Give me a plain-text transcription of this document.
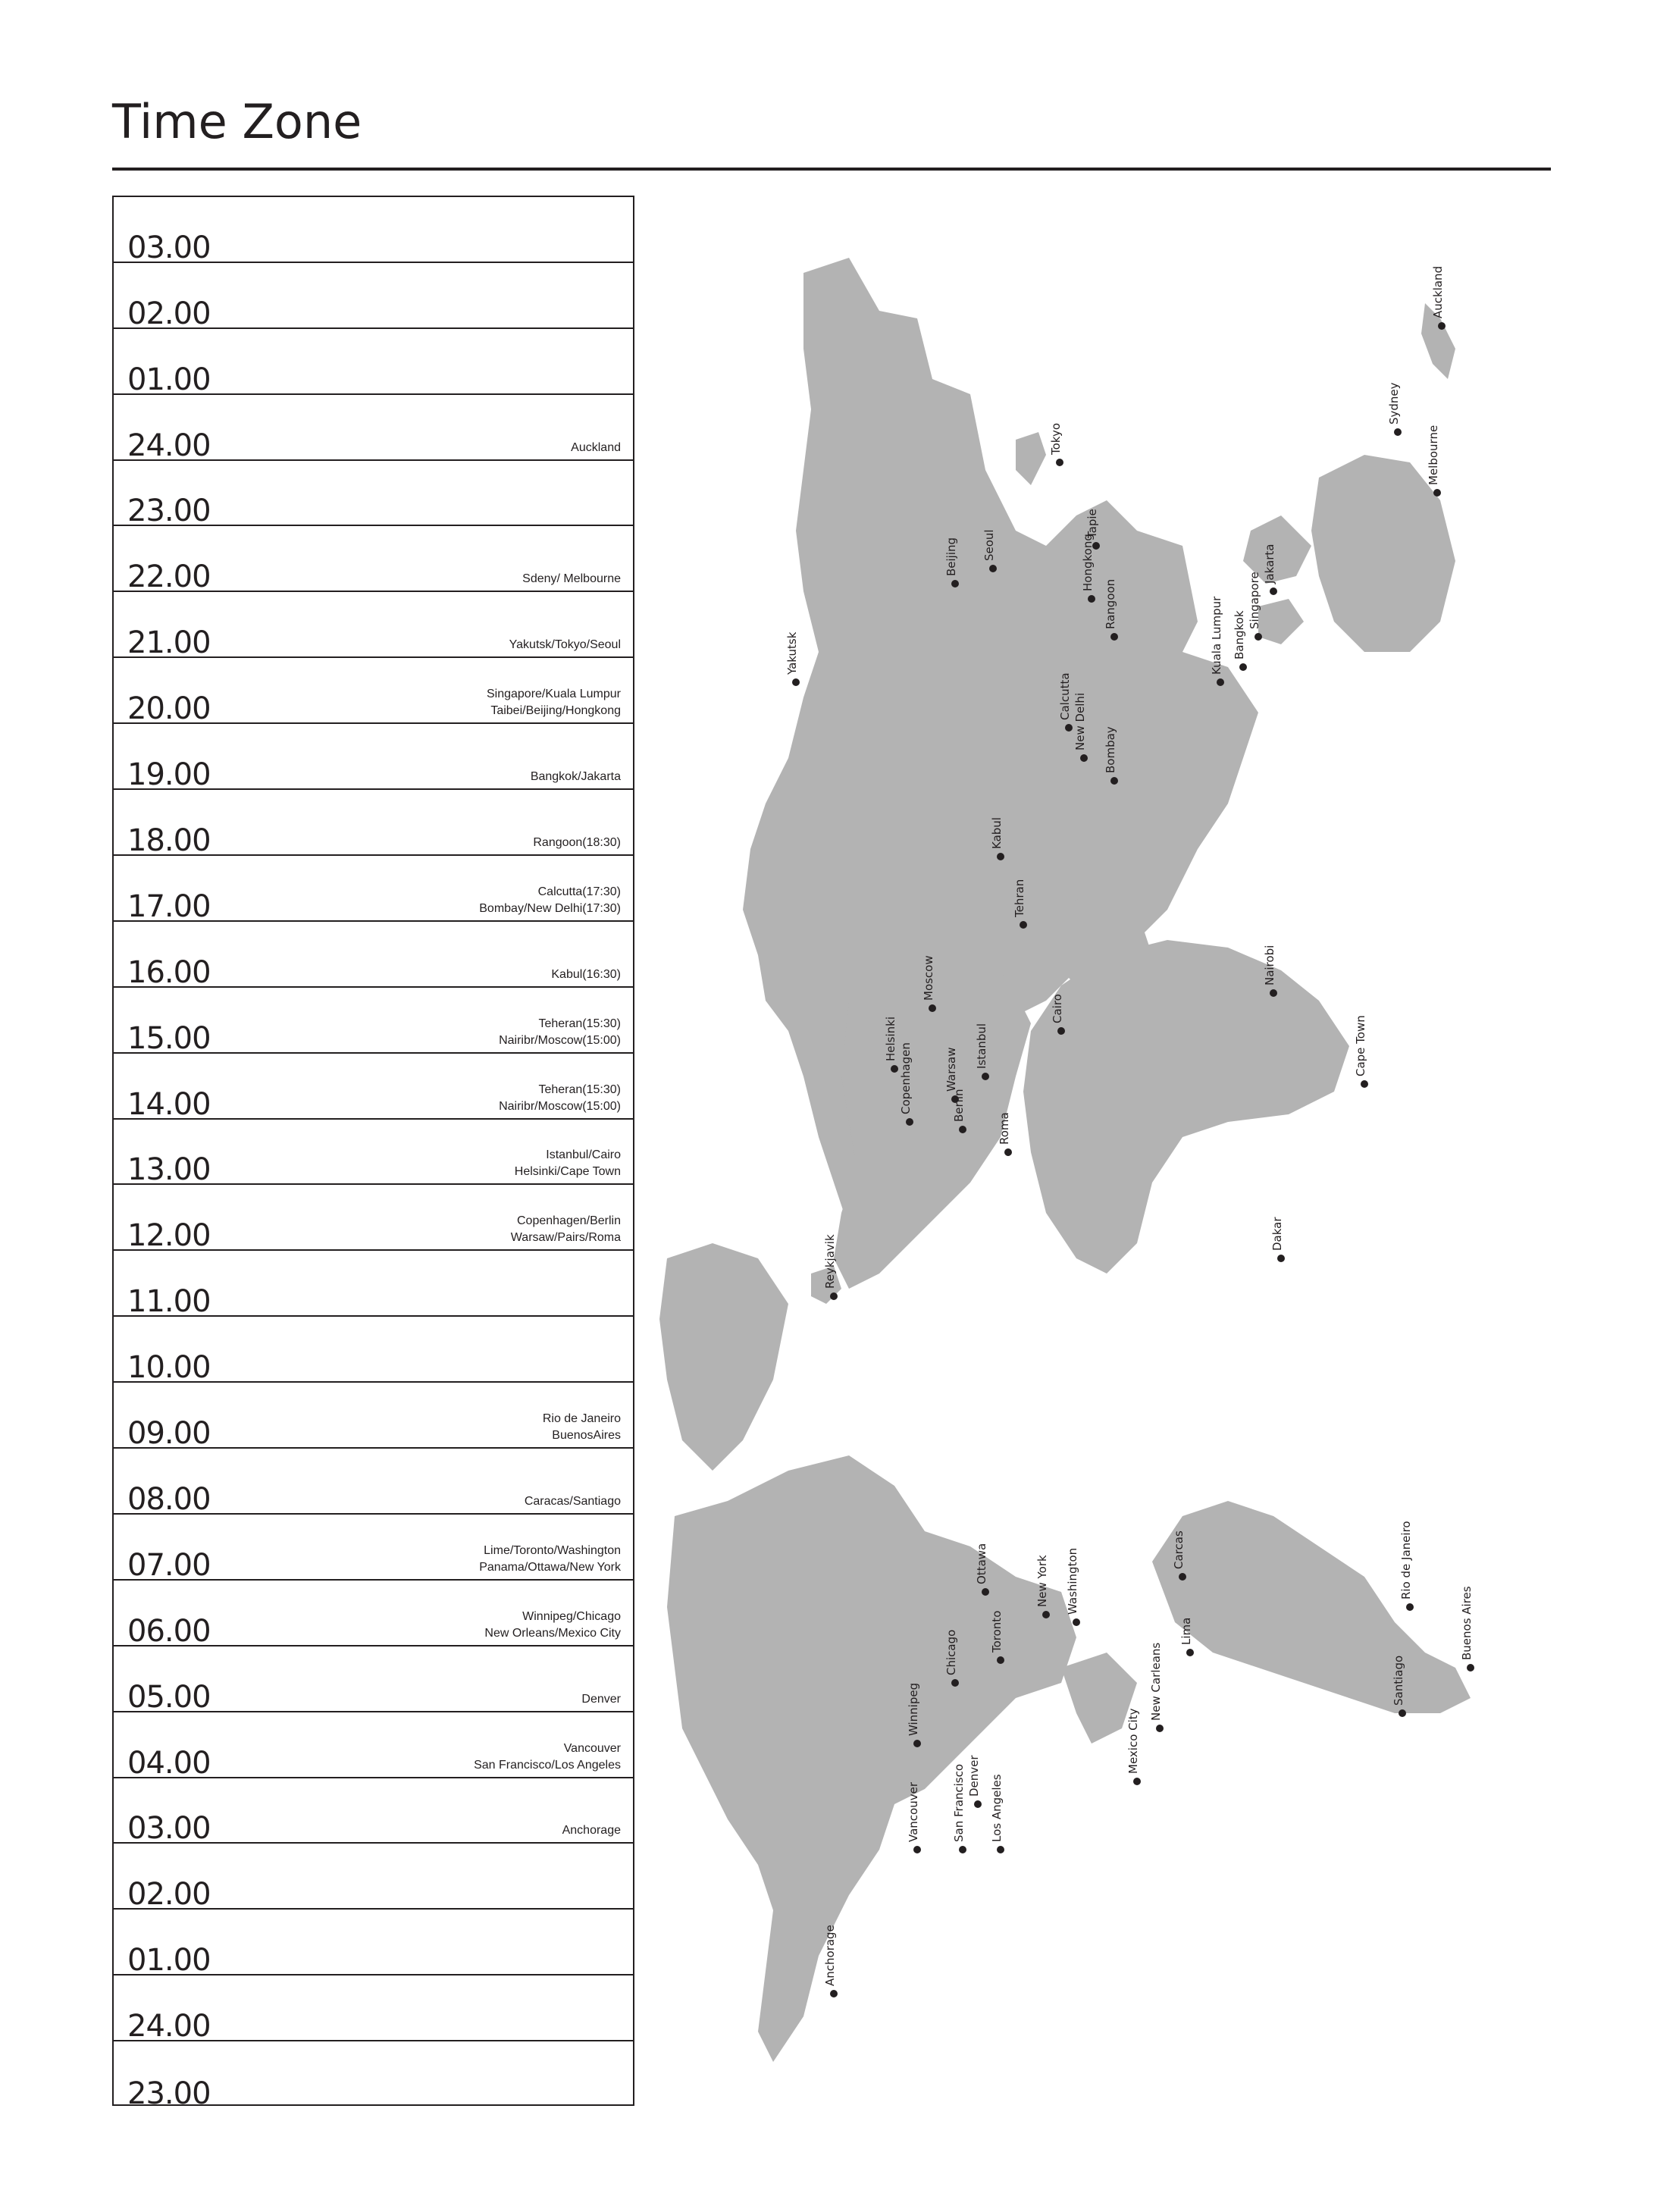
Time Zone
03.00
02.00
01.00
24.00	Auckland
23.00
22.00	Sdeny/ Melbourne
21.00	Yakutsk/Tokyo/Seoul
20.00	Singapore/Kuala Lumpur
Taibei/Beijing/Hongkong
19.00	Bangkok/Jakarta
18.00	Rangoon(18:30)
17.00	Calcutta(17:30)
Bombay/New Delhi(17:30)
16.00	Kabul(16:30)
15.00	Teheran(15:30)
Nairibr/Moscow(15:00)
14.00	Teheran(15:30)
Nairibr/Moscow(15:00)
13.00	Istanbul/Cairo
Helsinki/Cape Town
12.00	Copenhagen/Berlin
Warsaw/Pairs/Roma
11.00
10.00
09.00	Rio de Janeiro
BuenosAires
08.00	Caracas/Santiago
07.00	Lime/Toronto/Washington
Panama/Ottawa/New York
06.00	Winnipeg/Chicago
New Orleans/Mexico City
05.00	Denver
04.00	Vancouver
San Francisco/Los Angeles
03.00	Anchorage
02.00
01.00
24.00
23.00
Auckland
Sydney
Melbourne
Tokyo
Tapie
Seoul
Beijing	Hongkong	Jakarta
Singapore
Rangoon
Bangkok
Kuala Lumpur
Yakutsk
Calcutta New Delhi Bombay
Kabul
Tehran
Nairobi
Moscow
Helsinki
Cairo
Istanbul	Cape Town
Copenhagen	Warsaw
Berlin
Roma
Dakar
Reykjavik
Rio de Janeiro
Buenos Aires
Carcas
Ottawa	New York Washington
Toronto	Lima
Santiago
New Carleans
Chicago
Winnipeg	Mexico City
Denver
Vancouver	San Francisco Los Angeles
Anchorage
